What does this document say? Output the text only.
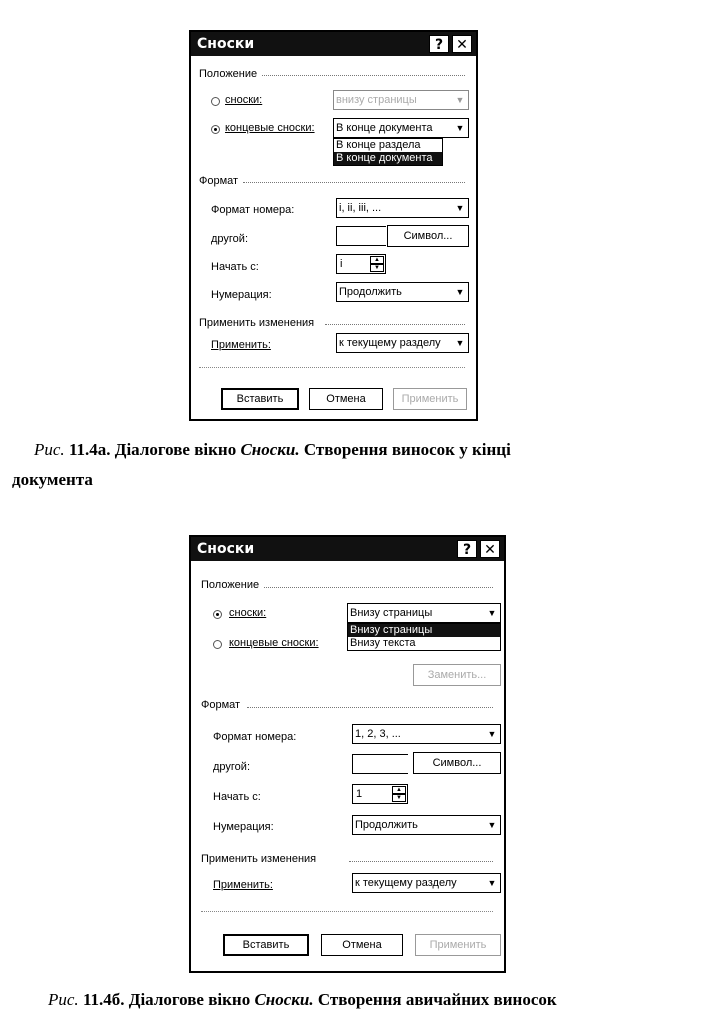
Сноски	? ✕
Положение
сноски:	внизу страницы	▼
концевые сноски: В конце документа	▼
В конце раздела
В конце документа
Формат
Формат номера:	i, ii, iii, ...	▼
другой:	Символ...
Начать с:	i	▲
▼
Нумерация:	Продолжить	▼
Применить изменения
Применить:	к текущему разделу ▼
Вставить	Отмена	Применить
Рис. 11.4а. Діалогове вікно Сноски. Створення виносок у кінці
документа
Сноски	? ✕
Положение
сноски:	Внизу страницы	▼
Внизу страницы
Внизу текста
концевые сноски:
Заменить...
Формат
Формат номера:	1, 2, 3, ...	▼
другой:	Символ...
Начать с:	1	▲
▼
Нумерация:	Продолжить	▼
Применить изменения
Применить:	к текущему разделу	▼
Вставить	Отмена	Применить
Рис. 11.4б. Діалогове вікно Сноски. Створення авичайних виносок
